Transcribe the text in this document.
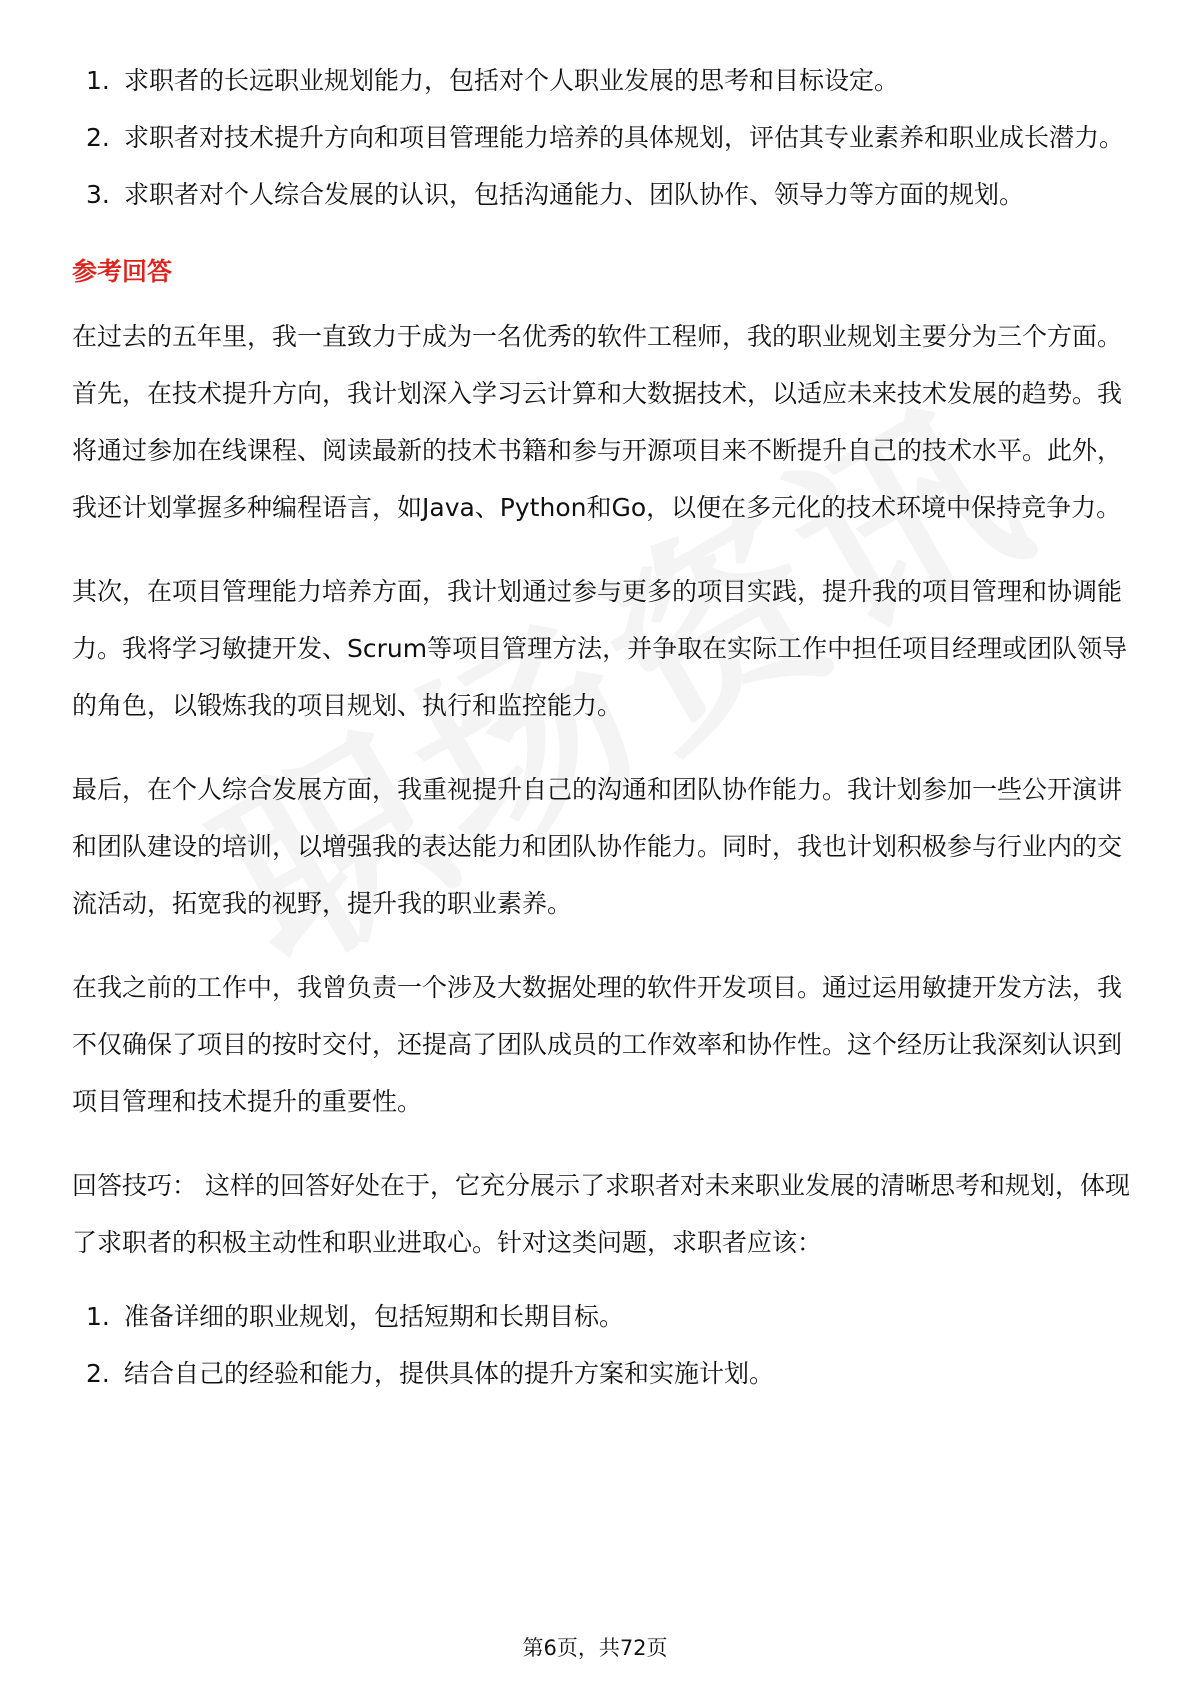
1. 求职者的长远职业规划能力，包括对个人职业发展的思考和目标设定。
2. 求职者对技术提升方向和项目管理能力培养的具体规划，评估其专业素养和职业成长潜力。
3. 求职者对个人综合发展的认识，包括沟通能力、团队协作、领导力等方面的规划。
参考回答

在过去的五年里，我一直致力于成为一名优秀的软件工程师，我的职业规划主要分为三个方面。首先，在技术提升方向，我计划深入学习云计算和大数据技术，以适应未来技术发展的趋势。我将通过参加在线课程、阅读最新的技术书籍和参与开源项目来不断提升自己的技术水平。此外，我还计划掌握多种编程语言，如Java、Python和Go，以便在多元化的技术环境中保持竞争力。

其次，在项目管理能力培养方面，我计划通过参与更多的项目实践，提升我的项目管理和协调能力。我将学习敏捷开发、Scrum等项目管理方法，并争取在实际工作中担任项目经理或团队领导的角色，以锻炼我的项目规划、执行和监控能力。

最后，在个人综合发展方面，我重视提升自己的沟通和团队协作能力。我计划参加一些公开演讲和团队建设的培训，以增强我的表达能力和团队协作能力。同时，我也计划积极参与行业内的交流活动，拓宽我的视野，提升我的职业素养。

在我之前的工作中，我曾负责一个涉及大数据处理的软件开发项目。通过运用敏捷开发方法，我不仅确保了项目的按时交付，还提高了团队成员的工作效率和协作性。这个经历让我深刻认识到项目管理和技术提升的重要性。

回答技巧： 这样的回答好处在于，它充分展示了求职者对未来职业发展的清晰思考和规划，体现了求职者的积极主动性和职业进取心。针对这类问题，求职者应该：

1. 准备详细的职业规划，包括短期和长期目标。
2. 结合自己的经验和能力，提供具体的提升方案和实施计划。
第6页，共72页
